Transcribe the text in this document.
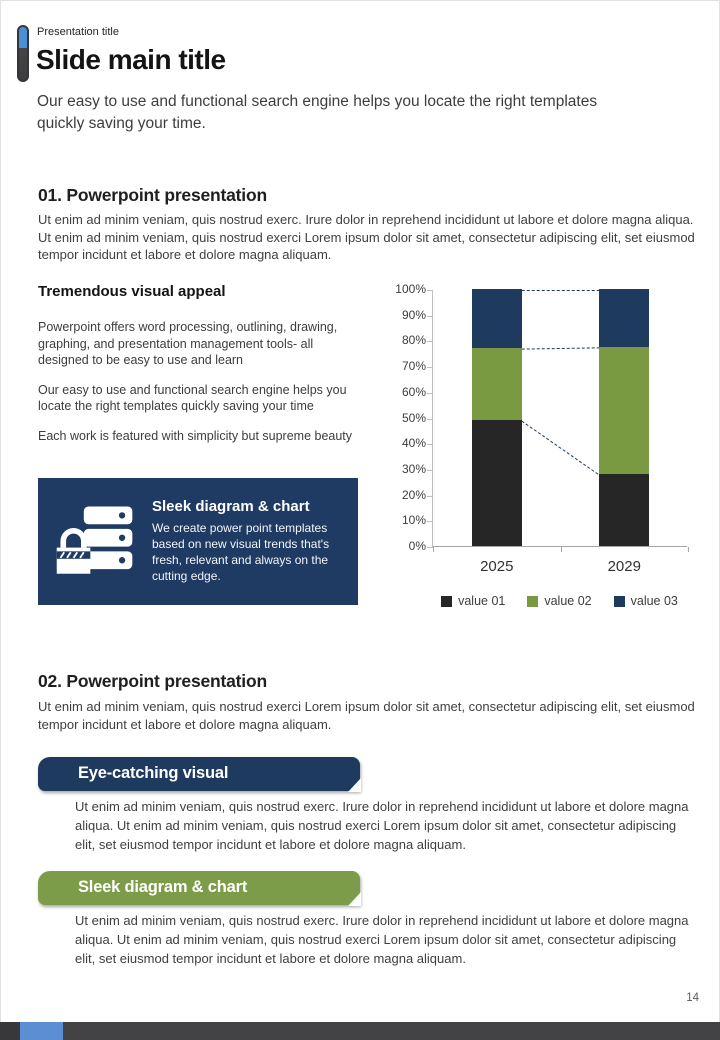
Presentation title
Slide main title

Our easy to use and functional search engine helps you locate the right templates quickly saving your time.

01. Powerpoint presentation

Ut enim ad minim veniam, quis nostrud exerc. Irure dolor in reprehend incididunt ut labore et dolore magna aliqua. Ut enim ad minim veniam, quis nostrud exerci Lorem ipsum dolor sit amet, consectetur adipiscing elit, set eiusmod tempor incidunt et labore et dolore magna aliquam.

Tremendous visual appeal

Powerpoint offers word processing, outlining, drawing, graphing, and presentation management tools- all designed to be easy to use and learn

Our easy to use and functional search engine helps you locate the right templates quickly saving your time

Each work is featured with simplicity but supreme beauty

Sleek diagram & chart
We create power point templates based on new visual trends that's fresh, relevant and always on the cutting edge.
100%
90%
80%
70%
60%
50%
40%
30%
20%
10%
0%
2025	2029
value 01	value 02	value 03
02. Powerpoint presentation

Ut enim ad minim veniam, quis nostrud exerci Lorem ipsum dolor sit amet, consectetur adipiscing elit, set eiusmod tempor incidunt et labore et dolore magna aliquam.

Eye-catching visual

Ut enim ad minim veniam, quis nostrud exerc. Irure dolor in reprehend incididunt ut labore et dolore magna aliqua. Ut enim ad minim veniam, quis nostrud exerci Lorem ipsum dolor sit amet, consectetur adipiscing elit, set eiusmod tempor incidunt et labore et dolore magna aliquam.

Sleek diagram & chart

Ut enim ad minim veniam, quis nostrud exerc. Irure dolor in reprehend incididunt ut labore et dolore magna aliqua. Ut enim ad minim veniam, quis nostrud exerci Lorem ipsum dolor sit amet, consectetur adipiscing elit, set eiusmod tempor incidunt et labore et dolore magna aliquam.

14
